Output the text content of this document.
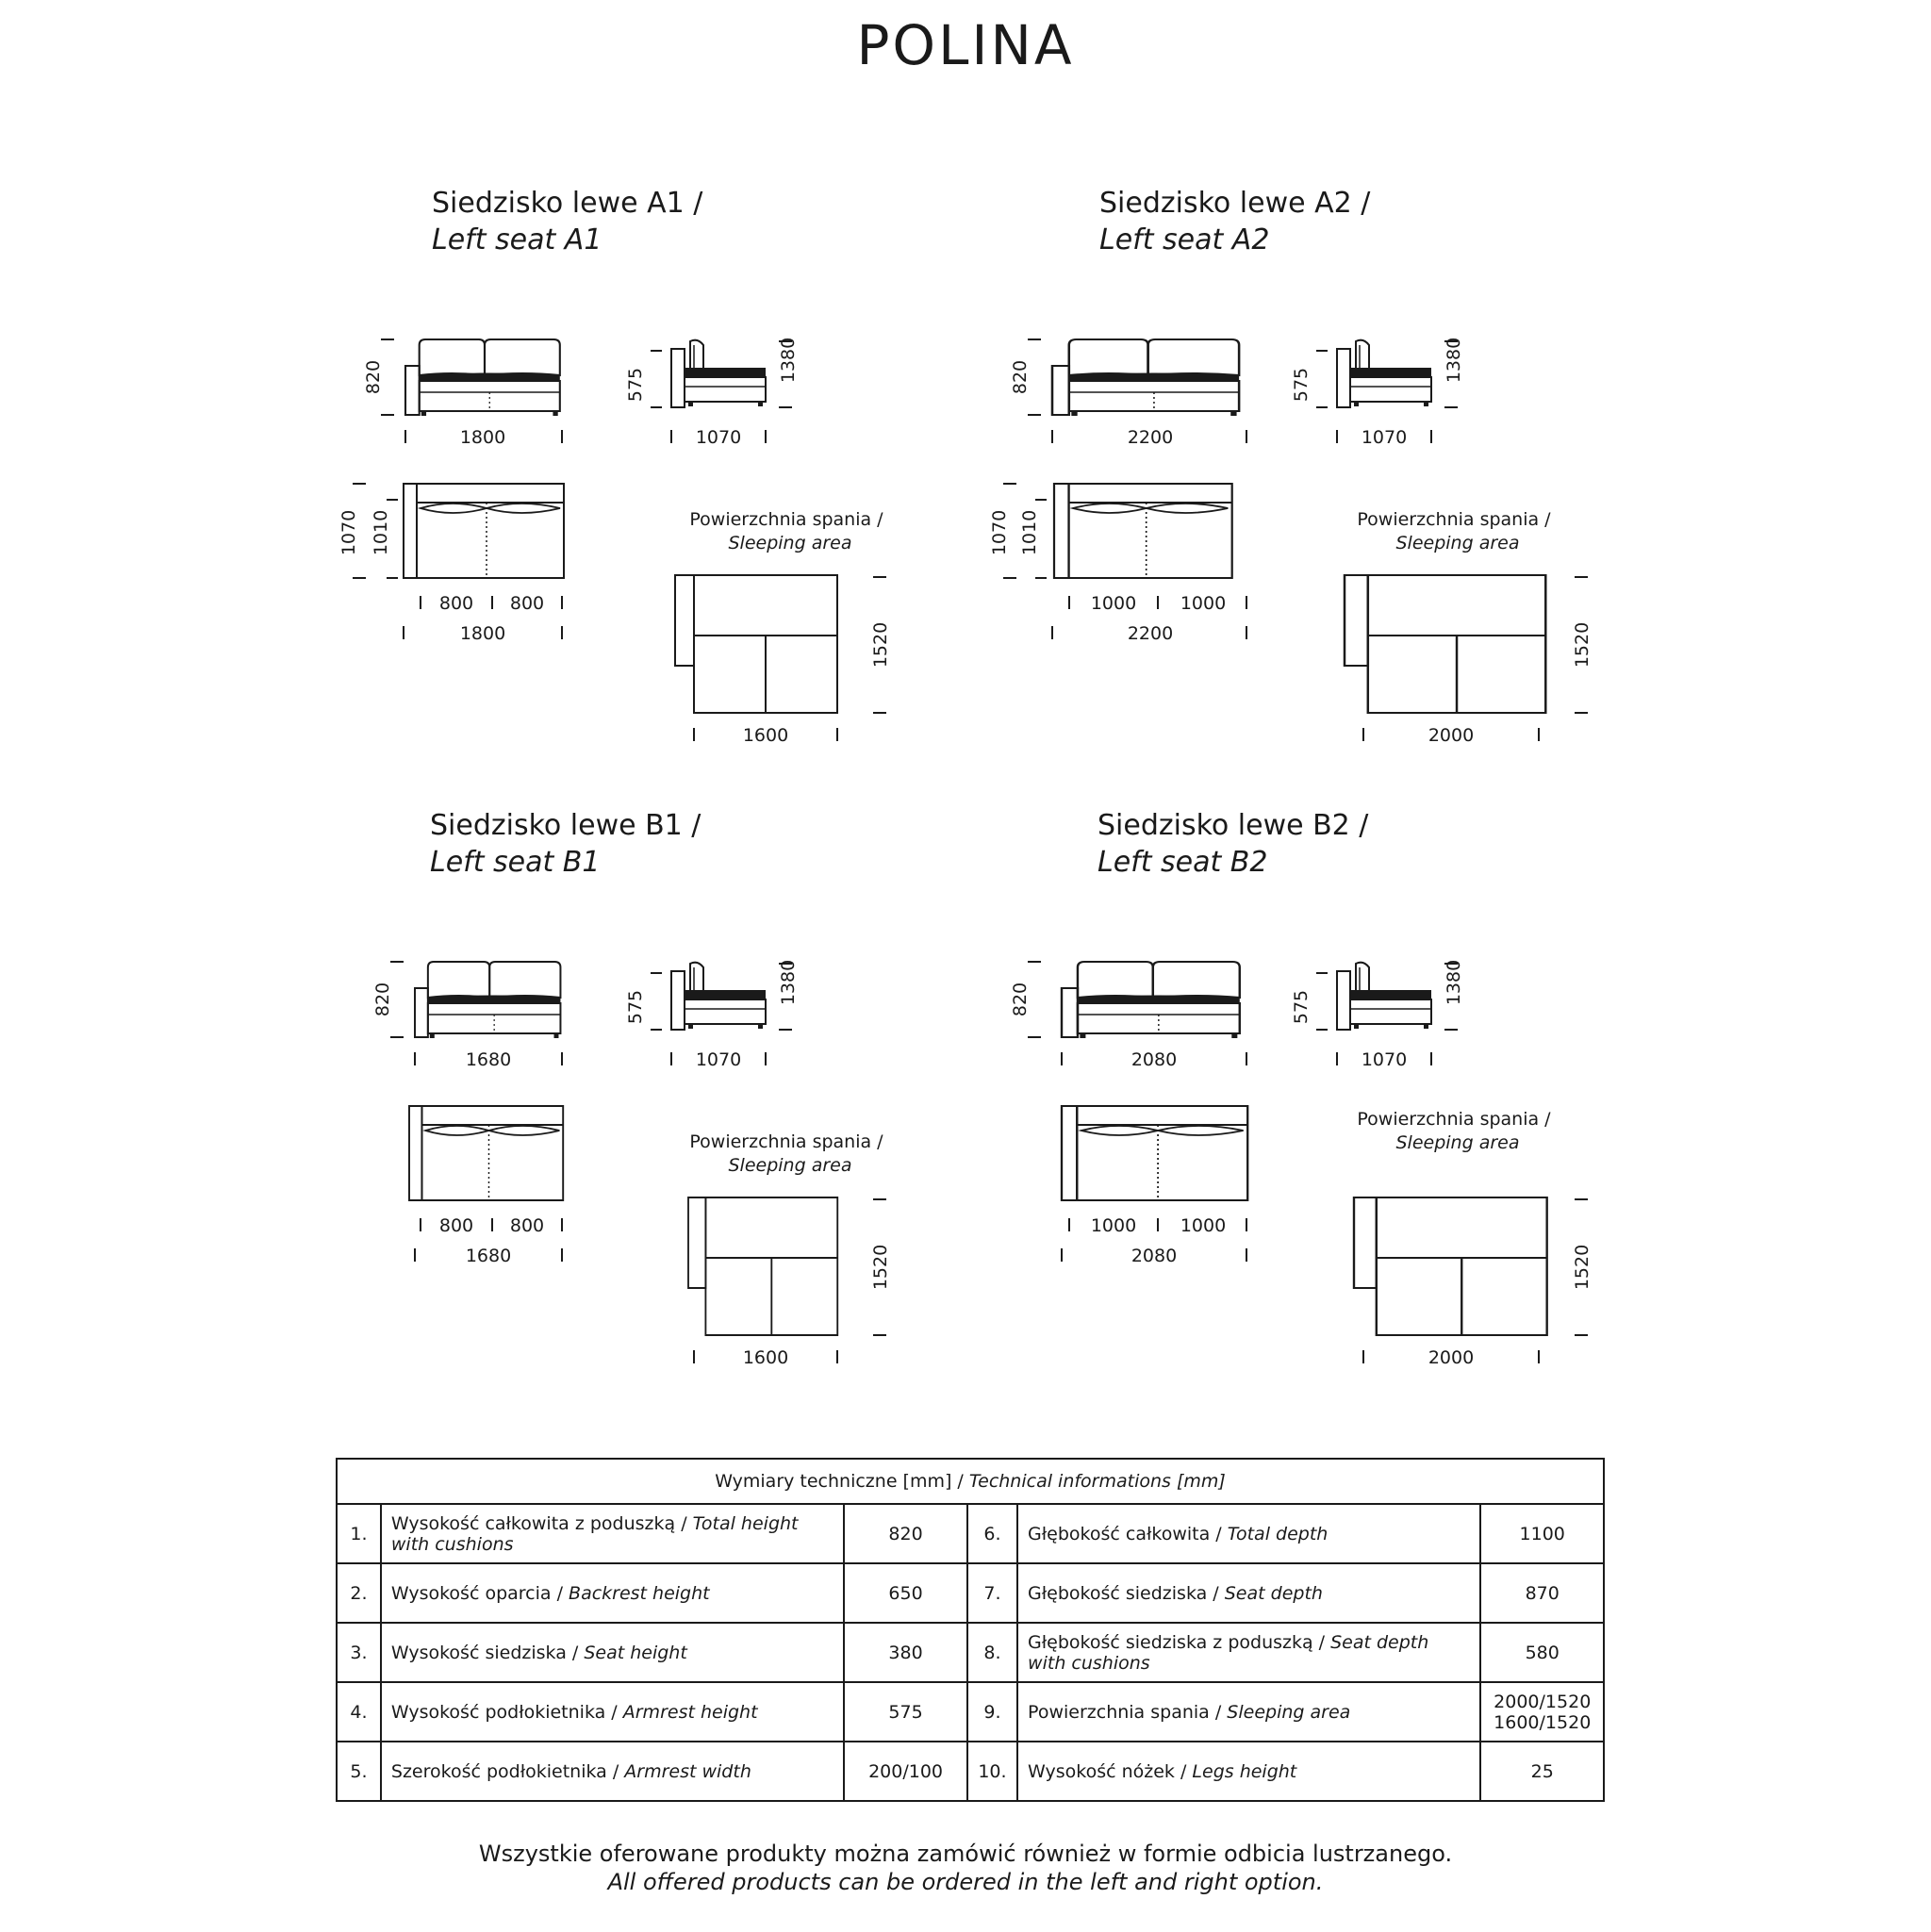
POLINA
Siedzisko lewe A1 /
Left seat A1
Siedzisko lewe A2 /
Left seat A2
Siedzisko lewe B1 /
Left seat B1
Siedzisko lewe B2 /
Left seat B2
820
1800
575
1380
1070
1070 1010
800 800
1800
Powierzchnia spania /
Sleeping area
1520
1600
820
2200
575
1380
1070
1070 1010
1000 1000
2200
Powierzchnia spania /
Sleeping area
1520
2000
820
1680
575
1380
1070
800 800
1680
Powierzchnia spania /
Sleeping area
1520
1600
820
2080
575
1380
1070
1000 1000
2080
Powierzchnia spania /
Sleeping area
1520
2000
Wymiary techniczne [mm] / Technical informations [mm]					
1.	Wysokość całkowita z poduszką / Total height with cushions	820	6.	Głębokość całkowita / Total depth	1100
2.	Wysokość oparcia / Backrest height	650	7.	Głębokość siedziska / Seat depth	870
3.	Wysokość siedziska / Seat height	380	8.	Głębokość siedziska z poduszką / Seat depth with cushions	580
4.	Wysokość podłokietnika / Armrest height	575	9.	Powierzchnia spania / Sleeping area	2000/1520
1600/1520

5.	Szerokość podłokietnika / Armrest width	200/100	10.	Wysokość nóżek / Legs height	25
Wszystkie oferowane produkty można zamówić również w formie odbicia lustrzanego.
All offered products can be ordered in the left and right option.
